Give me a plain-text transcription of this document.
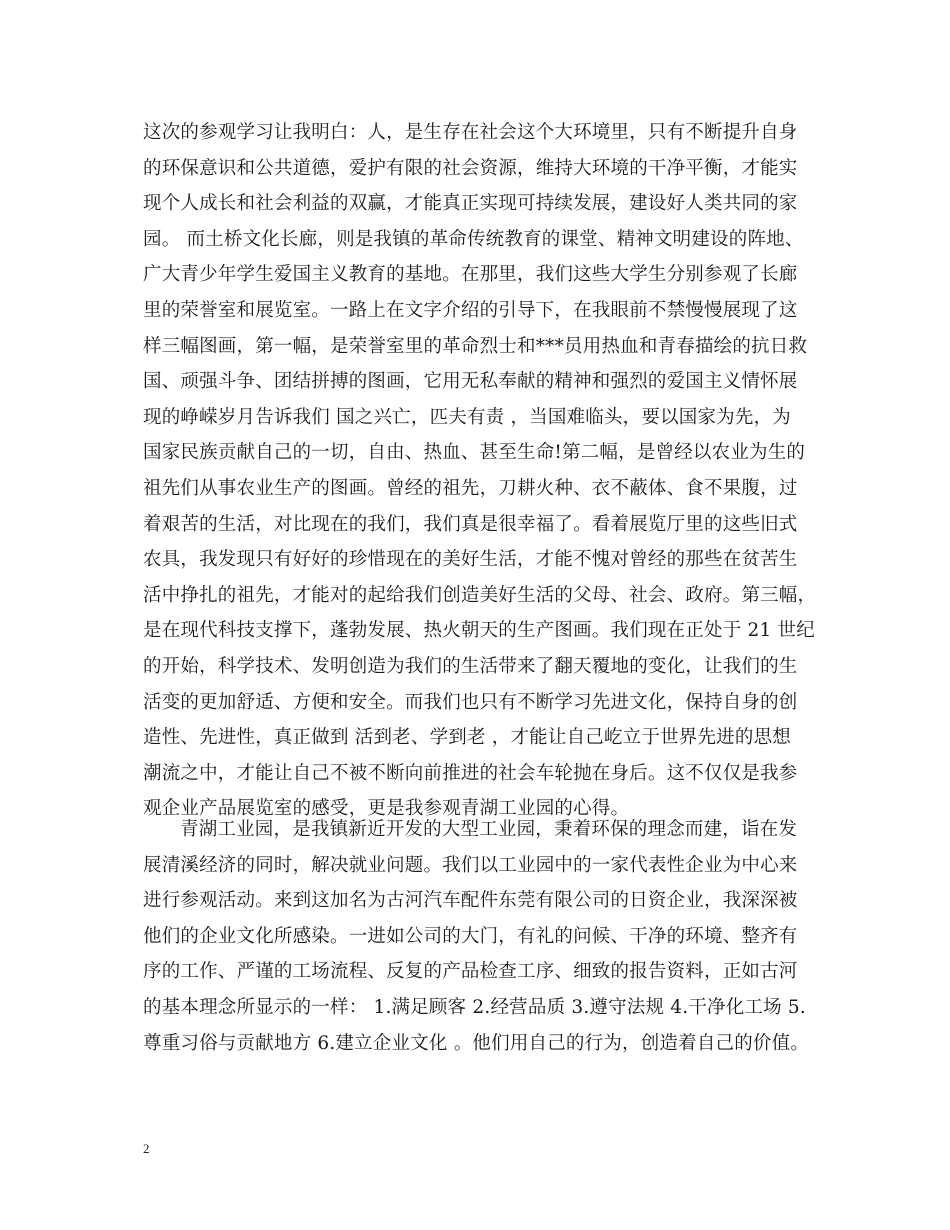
这次的参观学习让我明白：人，是生存在社会这个大环境里，只有不断提升自身
的环保意识和公共道德，爱护有限的社会资源，维持大环境的干净平衡，才能实
现个人成长和社会利益的双赢，才能真正实现可持续发展，建设好人类共同的家
园。 而土桥文化长廊，则是我镇的革命传统教育的课堂、精神文明建设的阵地、
广大青少年学生爱国主义教育的基地。在那里，我们这些大学生分别参观了长廊
里的荣誉室和展览室。一路上在文字介绍的引导下，在我眼前不禁慢慢展现了这
样三幅图画，第一幅，是荣誉室里的革命烈士和***员用热血和青春描绘的抗日救
国、顽强斗争、团结拼搏的图画，它用无私奉献的精神和强烈的爱国主义情怀展
现的峥嵘岁月告诉我们 国之兴亡，匹夫有责 ，当国难临头，要以国家为先，为
国家民族贡献自己的一切，自由、热血、甚至生命!第二幅，是曾经以农业为生的
祖先们从事农业生产的图画。曾经的祖先，刀耕火种、衣不蔽体、食不果腹，过
着艰苦的生活，对比现在的我们，我们真是很幸福了。看着展览厅里的这些旧式
农具，我发现只有好好的珍惜现在的美好生活，才能不愧对曾经的那些在贫苦生
活中挣扎的祖先，才能对的起给我们创造美好生活的父母、社会、政府。第三幅，
是在现代科技支撑下，蓬勃发展、热火朝天的生产图画。我们现在正处于 21 世纪
的开始，科学技术、发明创造为我们的生活带来了翻天覆地的变化，让我们的生
活变的更加舒适、方便和安全。而我们也只有不断学习先进文化，保持自身的创
造性、先进性，真正做到 活到老、学到老 ，才能让自己屹立于世界先进的思想
潮流之中，才能让自己不被不断向前推进的社会车轮抛在身后。这不仅仅是我参
观企业产品展览室的感受，更是我参观青湖工业园的心得。
青湖工业园，是我镇新近开发的大型工业园，秉着环保的理念而建，诣在发
展清溪经济的同时，解决就业问题。我们以工业园中的一家代表性企业为中心来
进行参观活动。来到这加名为古河汽车配件东莞有限公司的日资企业，我深深被
他们的企业文化所感染。一进如公司的大门，有礼的问候、干净的环境、整齐有
序的工作、严谨的工场流程、反复的产品检查工序、细致的报告资料，正如古河
的基本理念所显示的一样： 1.满足顾客 2.经营品质 3.遵守法规 4.干净化工场 5.
尊重习俗与贡献地方 6.建立企业文化 。他们用自己的行为，创造着自己的价值。
2
